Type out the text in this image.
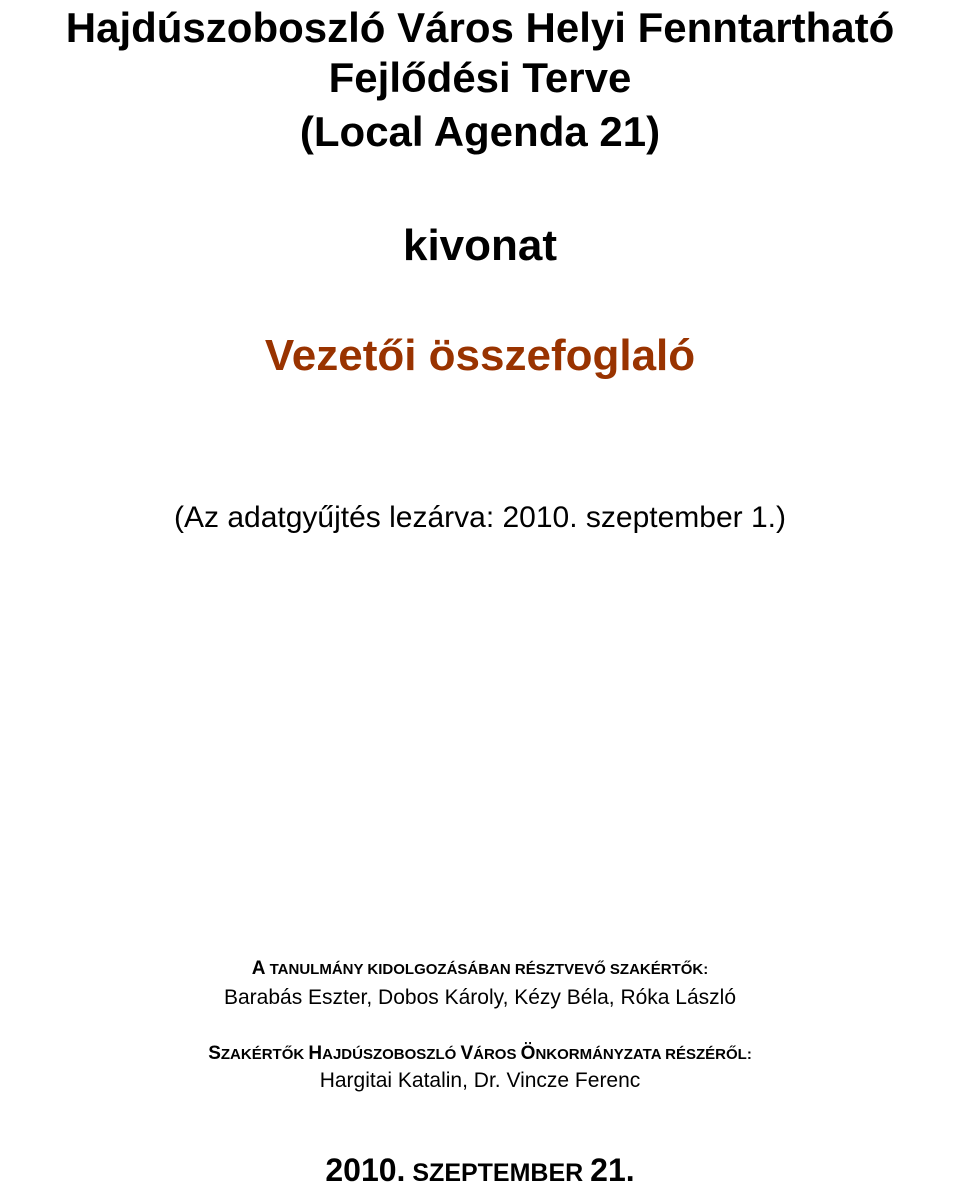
Hajdúszoboszló Város Helyi Fenntartható
Fejlődési Terve
(Local Agenda 21)
kivonat
Vezetői összefoglaló
(Az adatgyűjtés lezárva: 2010. szeptember 1.)
A TANULMÁNY KIDOLGOZÁSÁBAN RÉSZTVEVŐ SZAKÉRTŐK:
Barabás Eszter, Dobos Károly, Kézy Béla, Róka László
SZAKÉRTŐK HAJDÚSZOBOSZLÓ VÁROS ÖNKORMÁNYZATA RÉSZÉRŐL:
Hargitai Katalin, Dr. Vincze Ferenc
2010. SZEPTEMBER 21.
